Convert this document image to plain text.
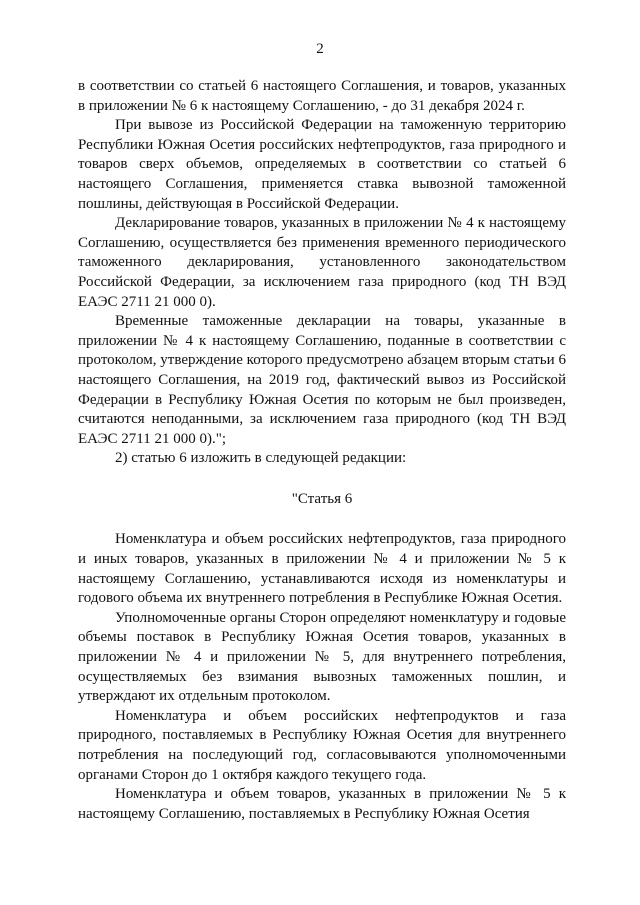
2

в соответствии со статьей 6 настоящего Соглашения, и товаров, указанных в приложении № 6 к настоящему Соглашению, - до 31 декабря 2024 г.

При вывозе из Российской Федерации на таможенную территорию Республики Южная Осетия российских нефтепродуктов, газа природного и товаров сверх объемов, определяемых в соответствии со статьей 6 настоящего Соглашения, применяется ставка вывозной таможенной пошлины, действующая в Российской Федерации.

Декларирование товаров, указанных в приложении № 4 к настоящему Соглашению, осуществляется без применения временного периодического таможенного декларирования, установленного законодательством Российской Федерации, за исключением газа природного (код ТН ВЭД ЕАЭС 2711 21 000 0).

Временные таможенные декларации на товары, указанные в приложении № 4 к настоящему Соглашению, поданные в соответствии с протоколом, утверждение которого предусмотрено абзацем вторым статьи 6 настоящего Соглашения, на 2019 год, фактический вывоз из Российской Федерации в Республику Южная Осетия по которым не был произведен, считаются неподанными, за исключением газа природного (код ТН ВЭД ЕАЭС 2711 21 000 0).";

2) статью 6 изложить в следующей редакции:

"Статья 6

Номенклатура и объем российских нефтепродуктов, газа природного и иных товаров, указанных в приложении № 4 и приложении № 5 к настоящему Соглашению, устанавливаются исходя из номенклатуры и годового объема их внутреннего потребления в Республике Южная Осетия.

Уполномоченные органы Сторон определяют номенклатуру и годовые объемы поставок в Республику Южная Осетия товаров, указанных в приложении № 4 и приложении № 5, для внутреннего потребления, осуществляемых без взимания вывозных таможенных пошлин, и утверждают их отдельным протоколом.

Номенклатура и объем российских нефтепродуктов и газа природного, поставляемых в Республику Южная Осетия для внутреннего потребления на последующий год, согласовываются уполномоченными органами Сторон до 1 октября каждого текущего года.

Номенклатура и объем товаров, указанных в приложении № 5 к настоящему Соглашению, поставляемых в Республику Южная Осетия
